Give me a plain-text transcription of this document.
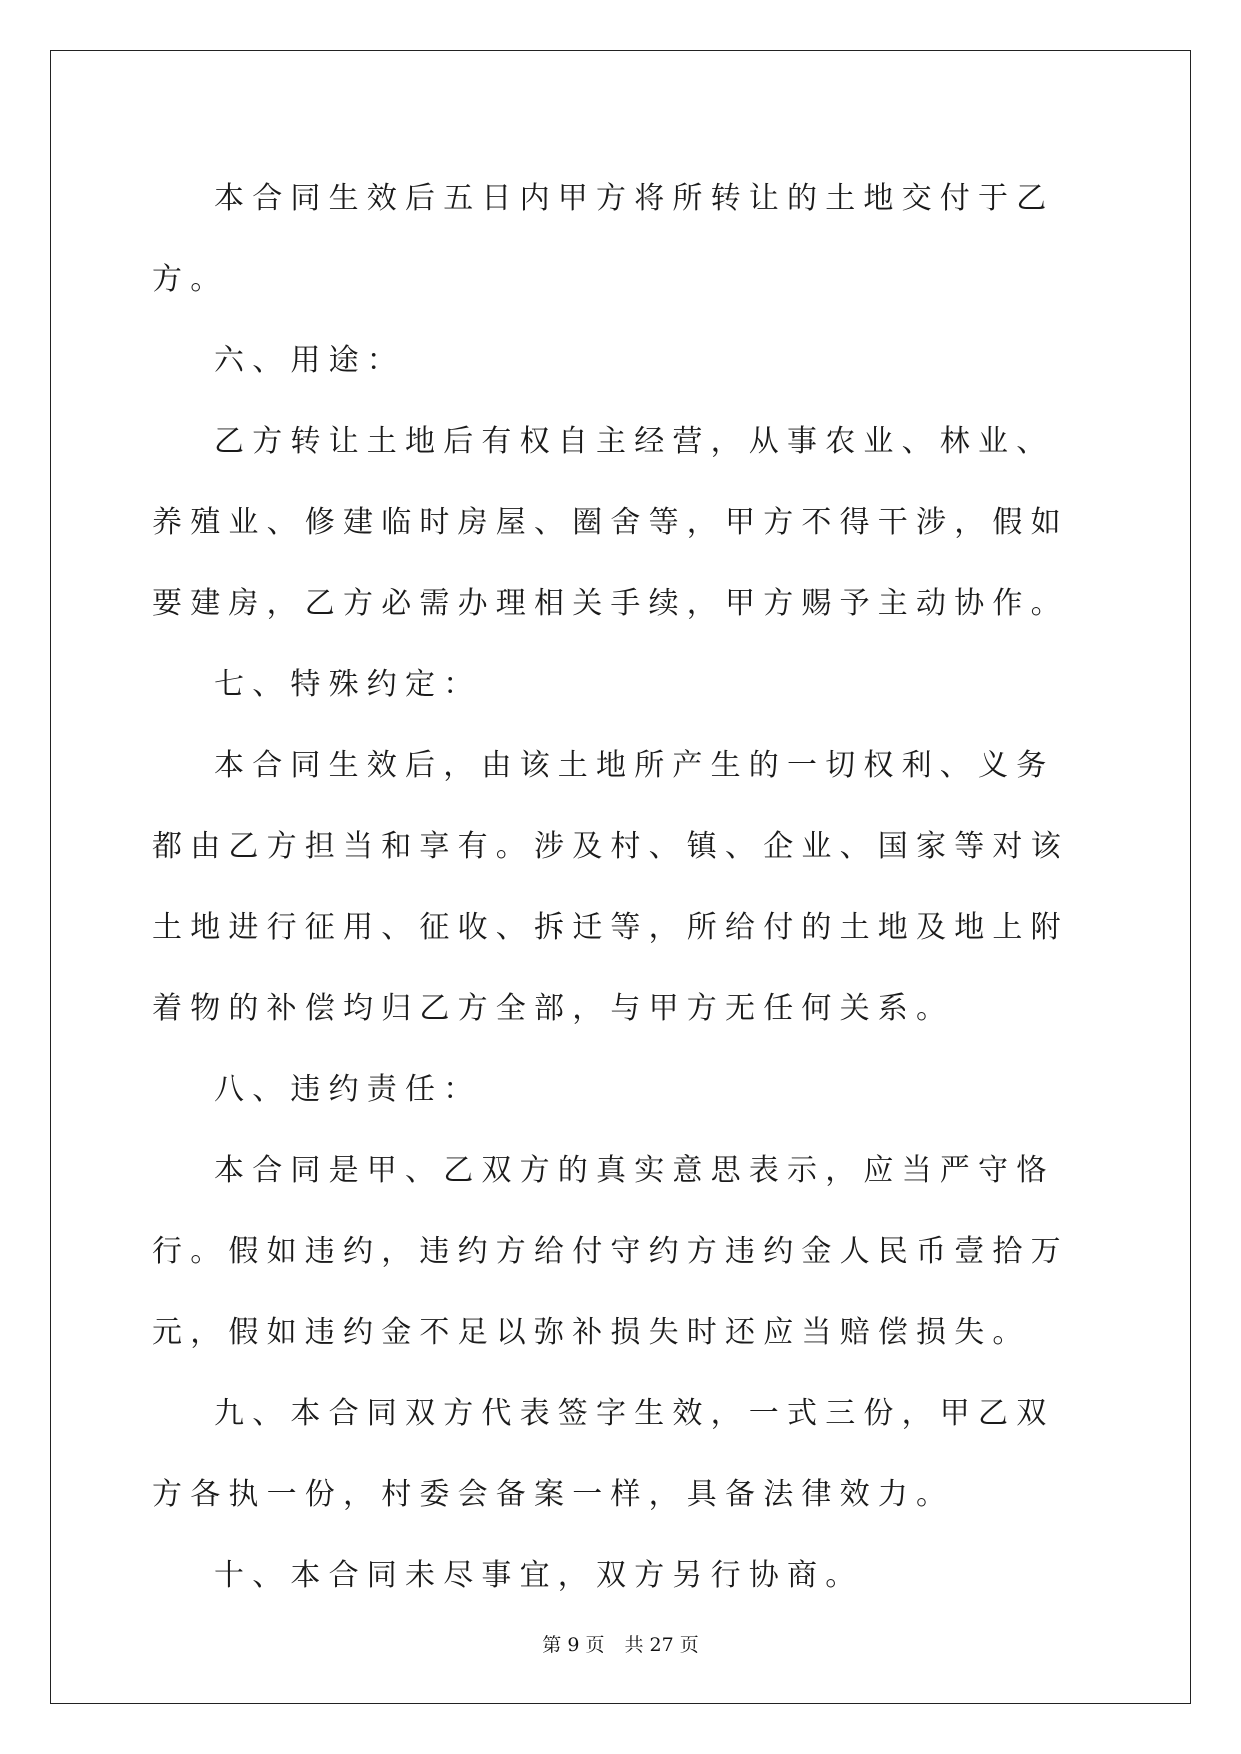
本合同生效后五日内甲方将所转让的土地交付于乙方。

六、用途：

乙方转让土地后有权自主经营，从事农业、林业、养殖业、修建临时房屋、圈舍等，甲方不得干涉，假如要建房，乙方必需办理相关手续，甲方赐予主动协作。

七、特殊约定：

本合同生效后，由该土地所产生的一切权利、义务都由乙方担当和享有。涉及村、镇、企业、国家等对该土地进行征用、征收、拆迁等，所给付的土地及地上附着物的补偿均归乙方全部，与甲方无任何关系。

八、违约责任：

本合同是甲、乙双方的真实意思表示，应当严守恪行。假如违约，违约方给付守约方违约金人民币壹拾万元，假如违约金不足以弥补损失时还应当赔偿损失。

九、本合同双方代表签字生效，一式三份，甲乙双方各执一份，村委会备案一样，具备法律效力。

十、本合同未尽事宜，双方另行协商。

第 9 页 共 27 页
